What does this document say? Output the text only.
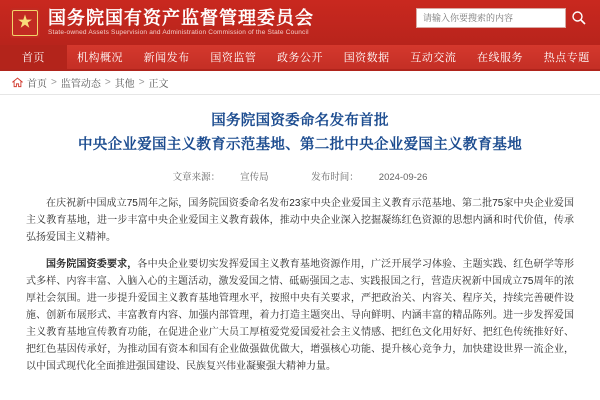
★ 国务院国有资产监督管理委员会
State-owned Assets Supervision and Administration Commission of the State Council
请输入你要搜索的内容
首页	机构概况	新闻发布	国资监管	政务公开	国资数据	互动交流	在线服务	热点专题
首页 > 监管动态 > 其他 > 正文
国务院国资委命名发布首批
中央企业爱国主义教育示范基地、第二批中央企业爱国主义教育基地
文章来源： 宣传局	发布时间： 2024-09-26

在庆祝新中国成立75周年之际，国务院国资委命名发布23家中央企业爱国主义教育示范基地、第二批75家中央企业爱国主义教育基地，进一步丰富中央企业爱国主义教育载体，推动中央企业深入挖掘凝练红色资源的思想内涵和时代价值，传承弘扬爱国主义精神。

国务院国资委要求，各中央企业要切实发挥爱国主义教育基地资源作用，广泛开展学习体验、主题实践、红色研学等形式多样、内容丰富、入脑入心的主题活动，激发爱国之情、砥砺强国之志、实践报国之行，营造庆祝新中国成立75周年的浓厚社会氛围。进一步提升爱国主义教育基地管理水平，按照中央有关要求，严把政治关、内容关、程序关，持续完善硬件设施、创新布展形式、丰富教育内容、加强内部管理，着力打造主题突出、导向鲜明、内涵丰富的精品陈列。进一步发挥爱国主义教育基地宣传教育功能，在促进企业广大员工厚植爱党爱国爱社会主义情感、把红色文化用好好、把红色传统推好好、把红色基因传承好，为推动国有资本和国有企业做强做优做大，增强核心功能、提升核心竞争力，加快建设世界一流企业，以中国式现代化全面推进强国建设、民族复兴伟业凝聚强大精神力量。
